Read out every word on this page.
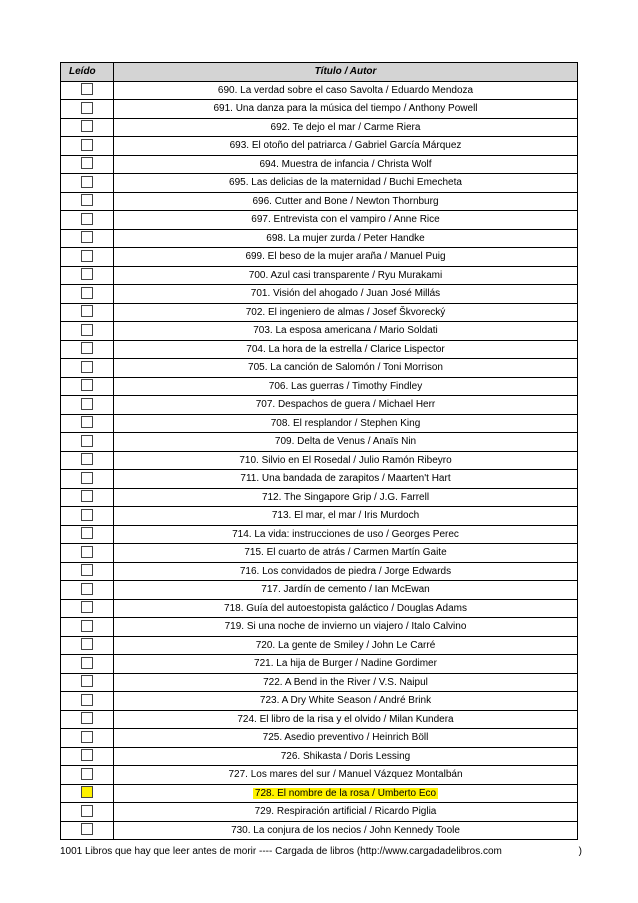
Leído	Título / Autor
	690. La verdad sobre el caso Savolta / Eduardo Mendoza
	691. Una danza para la música del tiempo / Anthony Powell
	692. Te dejo el mar / Carme Riera
	693. El otoño del patriarca / Gabriel García Márquez
	694. Muestra de infancia / Christa Wolf
	695. Las delicias de la maternidad / Buchi Emecheta
	696. Cutter and Bone / Newton Thornburg
	697. Entrevista con el vampiro / Anne Rice
	698. La mujer zurda / Peter Handke
	699. El beso de la mujer araña / Manuel Puig
	700. Azul casi transparente / Ryu Murakami
	701. Visión del ahogado / Juan José Millás
	702. El ingeniero de almas / Josef Škvorecký
	703. La esposa americana / Mario Soldati
	704. La hora de la estrella / Clarice Lispector
	705. La canción de Salomón / Toni Morrison
	706. Las guerras / Timothy Findley
	707. Despachos de guera / Michael Herr
	708. El resplandor / Stephen King
	709. Delta de Venus / Anaïs Nin
	710. Silvio en El Rosedal / Julio Ramón Ribeyro
	711. Una bandada de zarapitos / Maarten't Hart
	712. The Singapore Grip / J.G. Farrell
	713. El mar, el mar / Iris Murdoch
	714. La vida: instrucciones de uso / Georges Perec
	715. El cuarto de atrás / Carmen Martín Gaite
	716. Los convidados de piedra / Jorge Edwards
	717. Jardín de cemento / Ian McEwan
	718. Guía del autoestopista galáctico / Douglas Adams
	719. Si una noche de invierno un viajero / Italo Calvino
	720. La gente de Smiley / John Le Carré
	721. La hija de Burger / Nadine Gordimer
	722. A Bend in the River / V.S. Naipul
	723. A Dry White Season / André Brink
	724. El libro de la risa y el olvido / Milan Kundera
	725. Asedio preventivo / Heinrich Böll
	726. Shikasta / Doris Lessing
	727. Los mares del sur / Manuel Vázquez Montalbán
	728. El nombre de la rosa / Umberto Eco
	729. Respiración artificial / Ricardo Piglia
	730. La conjura de los necios / John Kennedy Toole
1001 Libros que hay que leer antes de morir ---- Cargada de libros (http://www.cargadadelibros.com	)
